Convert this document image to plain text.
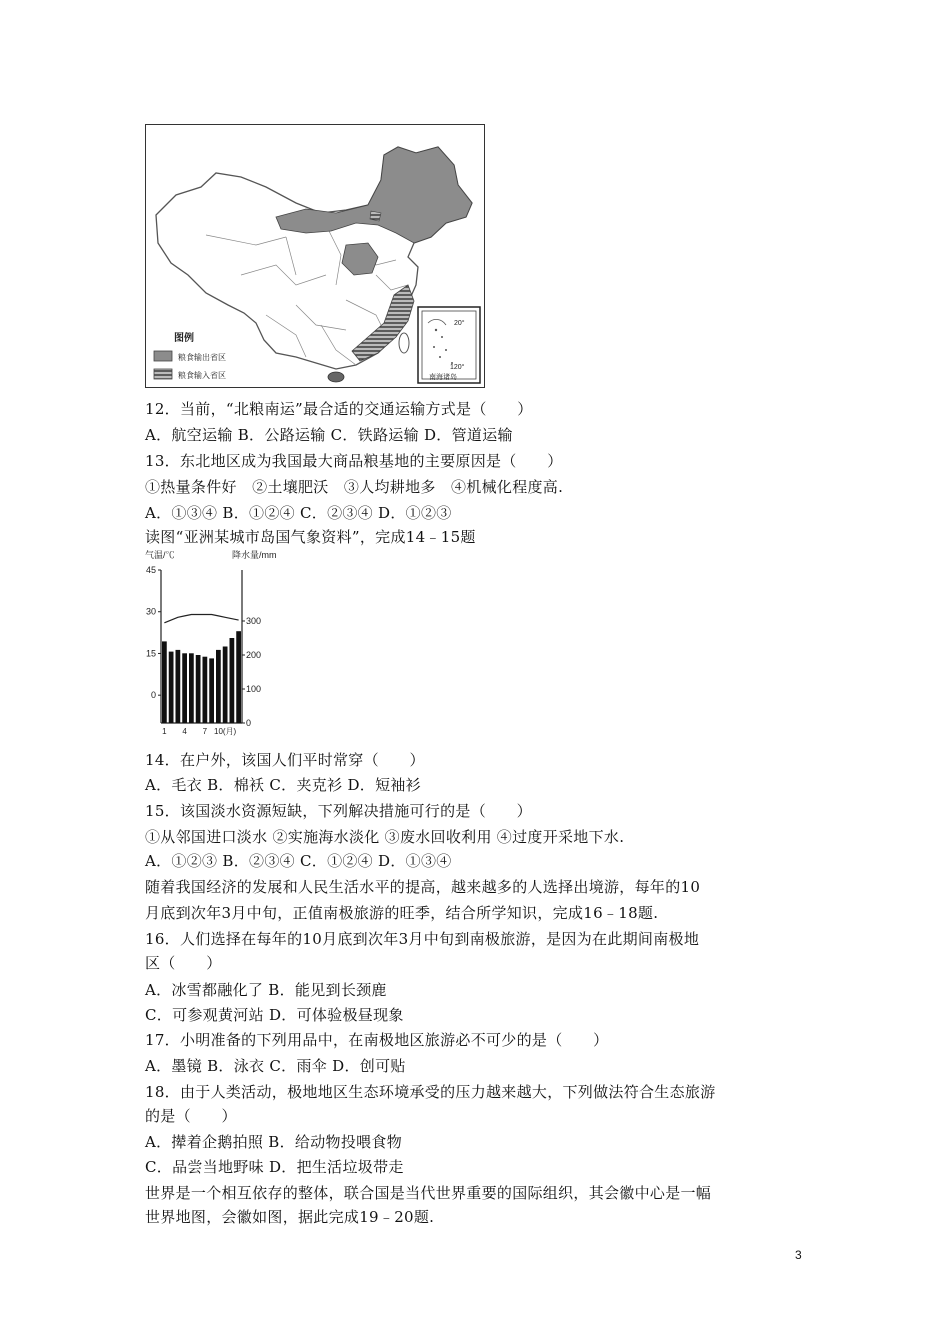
20°
120°
南海诸岛
图例
粮食输出省区
粮食输入省区
气温/℃	降水量/mm
45
30
15
0
300
200
100
0
1 4 7 10(月)
12．当前，“北粮南运”最合适的交通运输方式是（　　）
A．航空运输 B．公路运输 C．铁路运输 D．管道运输
13．东北地区成为我国最大商品粮基地的主要原因是（　　）
①热量条件好　②土壤肥沃　③人均耕地多　④机械化程度高.
A．①③④ B．①②④ C．②③④ D．①②③
读图“亚洲某城市岛国气象资料”，完成14﹣15题
14．在户外，该国人们平时常穿（　　）
A．毛衣 B．棉袄 C．夹克衫 D．短袖衫
15．该国淡水资源短缺，下列解决措施可行的是（　　）
①从邻国进口淡水 ②实施海水淡化 ③废水回收利用 ④过度开采地下水.
A．①②③ B．②③④ C．①②④ D．①③④
随着我国经济的发展和人民生活水平的提高，越来越多的人选择出境游，每年的10
月底到次年3月中旬，正值南极旅游的旺季，结合所学知识，完成16﹣18题.
16．人们选择在每年的10月底到次年3月中旬到南极旅游，是因为在此期间南极地
区（　　）
A．冰雪都融化了 B．能见到长颈鹿
C．可参观黄河站 D．可体验极昼现象
17．小明准备的下列用品中，在南极地区旅游必不可少的是（　　）
A．墨镜 B．泳衣 C．雨伞 D．创可贴
18．由于人类活动，极地地区生态环境承受的压力越来越大，下列做法符合生态旅游
的是（　　）
A．撵着企鹅拍照 B．给动物投喂食物
C．品尝当地野味 D．把生活垃圾带走
世界是一个相互依存的整体，联合国是当代世界重要的国际组织，其会徽中心是一幅
世界地图，会徽如图，据此完成19﹣20题.
3
